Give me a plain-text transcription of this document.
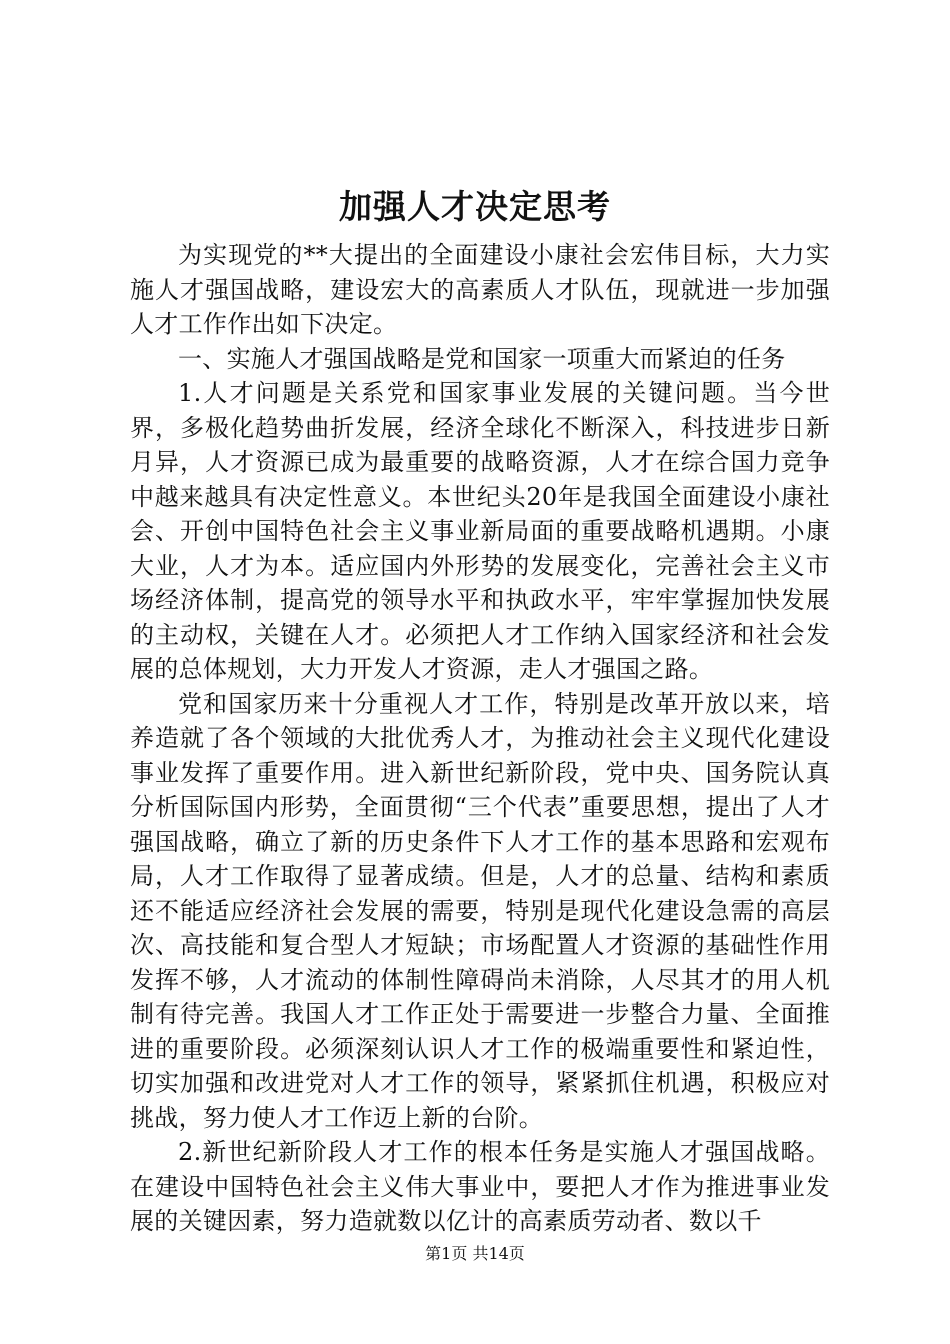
加强人才决定思考

为实现党的**大提出的全面建设小康社会宏伟目标，大力实施人才强国战略，建设宏大的高素质人才队伍，现就进一步加强人才工作作出如下决定。

一、实施人才强国战略是党和国家一项重大而紧迫的任务

1.人才问题是关系党和国家事业发展的关键问题。当今世界，多极化趋势曲折发展，经济全球化不断深入，科技进步日新月异，人才资源已成为最重要的战略资源，人才在综合国力竞争中越来越具有决定性意义。本世纪头20年是我国全面建设小康社会、开创中国特色社会主义事业新局面的重要战略机遇期。小康大业，人才为本。适应国内外形势的发展变化，完善社会主义市场经济体制，提高党的领导水平和执政水平，牢牢掌握加快发展的主动权，关键在人才。必须把人才工作纳入国家经济和社会发展的总体规划，大力开发人才资源，走人才强国之路。

党和国家历来十分重视人才工作，特别是改革开放以来，培养造就了各个领域的大批优秀人才，为推动社会主义现代化建设事业发挥了重要作用。进入新世纪新阶段，党中央、国务院认真分析国际国内形势，全面贯彻“三个代表”重要思想，提出了人才强国战略，确立了新的历史条件下人才工作的基本思路和宏观布局，人才工作取得了显著成绩。但是，人才的总量、结构和素质还不能适应经济社会发展的需要，特别是现代化建设急需的高层次、高技能和复合型人才短缺；市场配置人才资源的基础性作用发挥不够，人才流动的体制性障碍尚未消除，人尽其才的用人机制有待完善。我国人才工作正处于需要进一步整合力量、全面推进的重要阶段。必须深刻认识人才工作的极端重要性和紧迫性，切实加强和改进党对人才工作的领导，紧紧抓住机遇，积极应对挑战，努力使人才工作迈上新的台阶。

2.新世纪新阶段人才工作的根本任务是实施人才强国战略。在建设中国特色社会主义伟大事业中，要把人才作为推进事业发展的关键因素，努力造就数以亿计的高素质劳动者、数以千

第1页 共14页
